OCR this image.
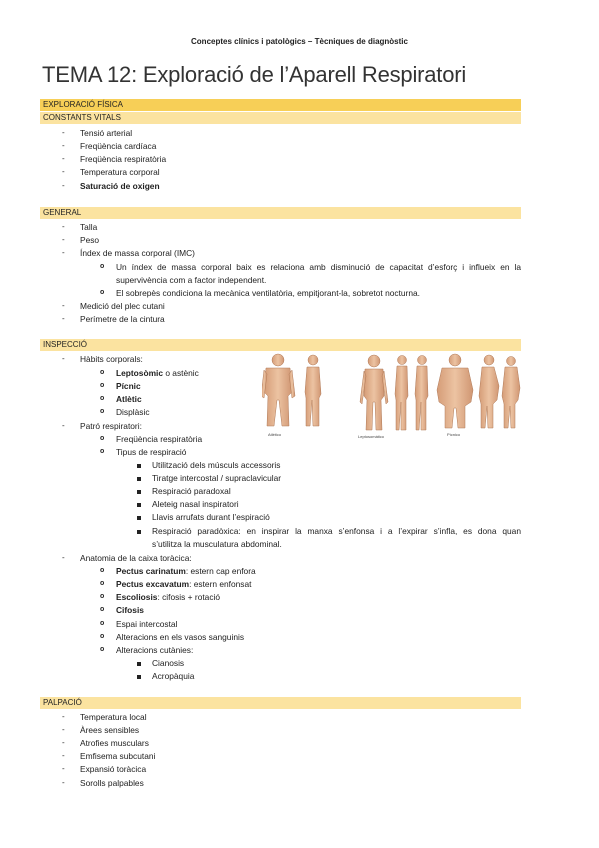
Conceptes clínics i patològics – Tècniques de diagnòstic
TEMA 12: Exploració de l’Aparell Respiratori
EXPLORACIÓ FÍSICA
CONSTANTS VITALS
GENERAL
INSPECCIÓ
PALPACIÓ
- Tensió arterial
- Freqüència cardíaca
- Freqüència respiratòria
- Temperatura corporal
- Saturació de oxigen
- Talla
- Peso
- Índex de massa corporal (IMC)
o Un índex de massa corporal baix es relaciona amb disminució de capacitat d’esforç i influeix en la
supervivència com a factor independent.
o El sobrepès condiciona la mecànica ventilatòria, empitjorant-la, sobretot nocturna.
- Medició del plec cutani
- Perímetre de la cintura
- Hàbits corporals:
o Leptosòmic o astènic
o Pícnic
o Atlètic
o Displàsic
- Patró respiratori:
o Freqüència respiratòria
o Tipus de respiració
Utilització dels músculs accessoris
Tiratge intercostal / supraclavicular
Respiració paradoxal
Aleteig nasal inspiratori
Llavis arrufats durant l’espiració
Respiració paradòxica: en inspirar la manxa s’enfonsa i a l’expirar s’infla, es dona quan
s’utilitza la musculatura abdominal.
- Anatomia de la caixa toràcica:
o Pectus carinatum: estern cap enfora
o Pectus excavatum: estern enfonsat
o Escoliosis: cifosis + rotació
o Cifosis
o Espai intercostal
o Alteracions en els vasos sanguinis
o Alteracions cutànies:
Cianosis
Acropàquia
Atlético	Leptosomático	Pícnico
- Temperatura local
- Àrees sensibles
- Atrofies musculars
- Emfisema subcutani
- Expansió toràcica
- Sorolls palpables
